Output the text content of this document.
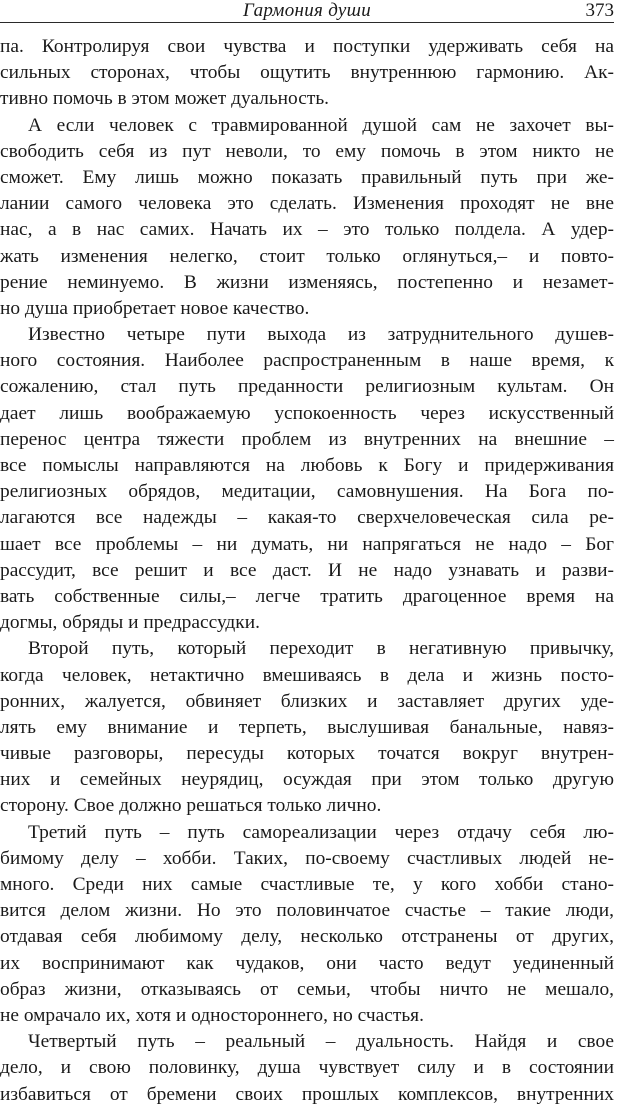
Гармония души	373
па. Контролируя свои чувства и поступки удерживать себя на
сильных сторонах, чтобы ощутить внутреннюю гармонию. Ак-
тивно помочь в этом может дуальность.
А если человек с травмированной душой сам не захочет вы-
свободить себя из пут неволи, то ему помочь в этом никто не
сможет. Ему лишь можно показать правильный путь при же-
лании самого человека это сделать. Изменения проходят не вне
нас, а в нас самих. Начать их – это только полдела. А удер-
жать изменения нелегко, стоит только оглянуться,– и повто-
рение неминуемо. В жизни изменяясь, постепенно и незамет-
но душа приобретает новое качество.
Известно четыре пути выхода из затруднительного душев-
ного состояния. Наиболее распространенным в наше время, к
сожалению, стал путь преданности религиозным культам. Он
дает лишь воображаемую успокоенность через искусственный
перенос центра тяжести проблем из внутренних на внешние –
все помыслы направляются на любовь к Богу и придерживания
религиозных обрядов, медитации, самовнушения. На Бога по-
лагаются все надежды – какая-то сверхчеловеческая сила ре-
шает все проблемы – ни думать, ни напрягаться не надо – Бог
рассудит, все решит и все даст. И не надо узнавать и разви-
вать собственные силы,– легче тратить драгоценное время на
догмы, обряды и предрассудки.
Второй путь, который переходит в негативную привычку,
когда человек, нетактично вмешиваясь в дела и жизнь посто-
ронних, жалуется, обвиняет близких и заставляет других уде-
лять ему внимание и терпеть, выслушивая банальные, навяз-
чивые разговоры, пересуды которых точатся вокруг внутрен-
них и семейных неурядиц, осуждая при этом только другую
сторону. Свое должно решаться только лично.
Третий путь – путь самореализации через отдачу себя лю-
бимому делу – хобби. Таких, по-своему счастливых людей не-
много. Среди них самые счастливые те, у кого хобби стано-
вится делом жизни. Но это половинчатое счастье – такие люди,
отдавая себя любимому делу, несколько отстранены от других,
их воспринимают как чудаков, они часто ведут уединенный
образ жизни, отказываясь от семьи, чтобы ничто не мешало,
не омрачало их, хотя и одностороннего, но счастья.
Четвертый путь – реальный – дуальность. Найдя и свое
дело, и свою половинку, душа чувствует силу и в состоянии
избавиться от бремени своих прошлых комплексов, внутренних
